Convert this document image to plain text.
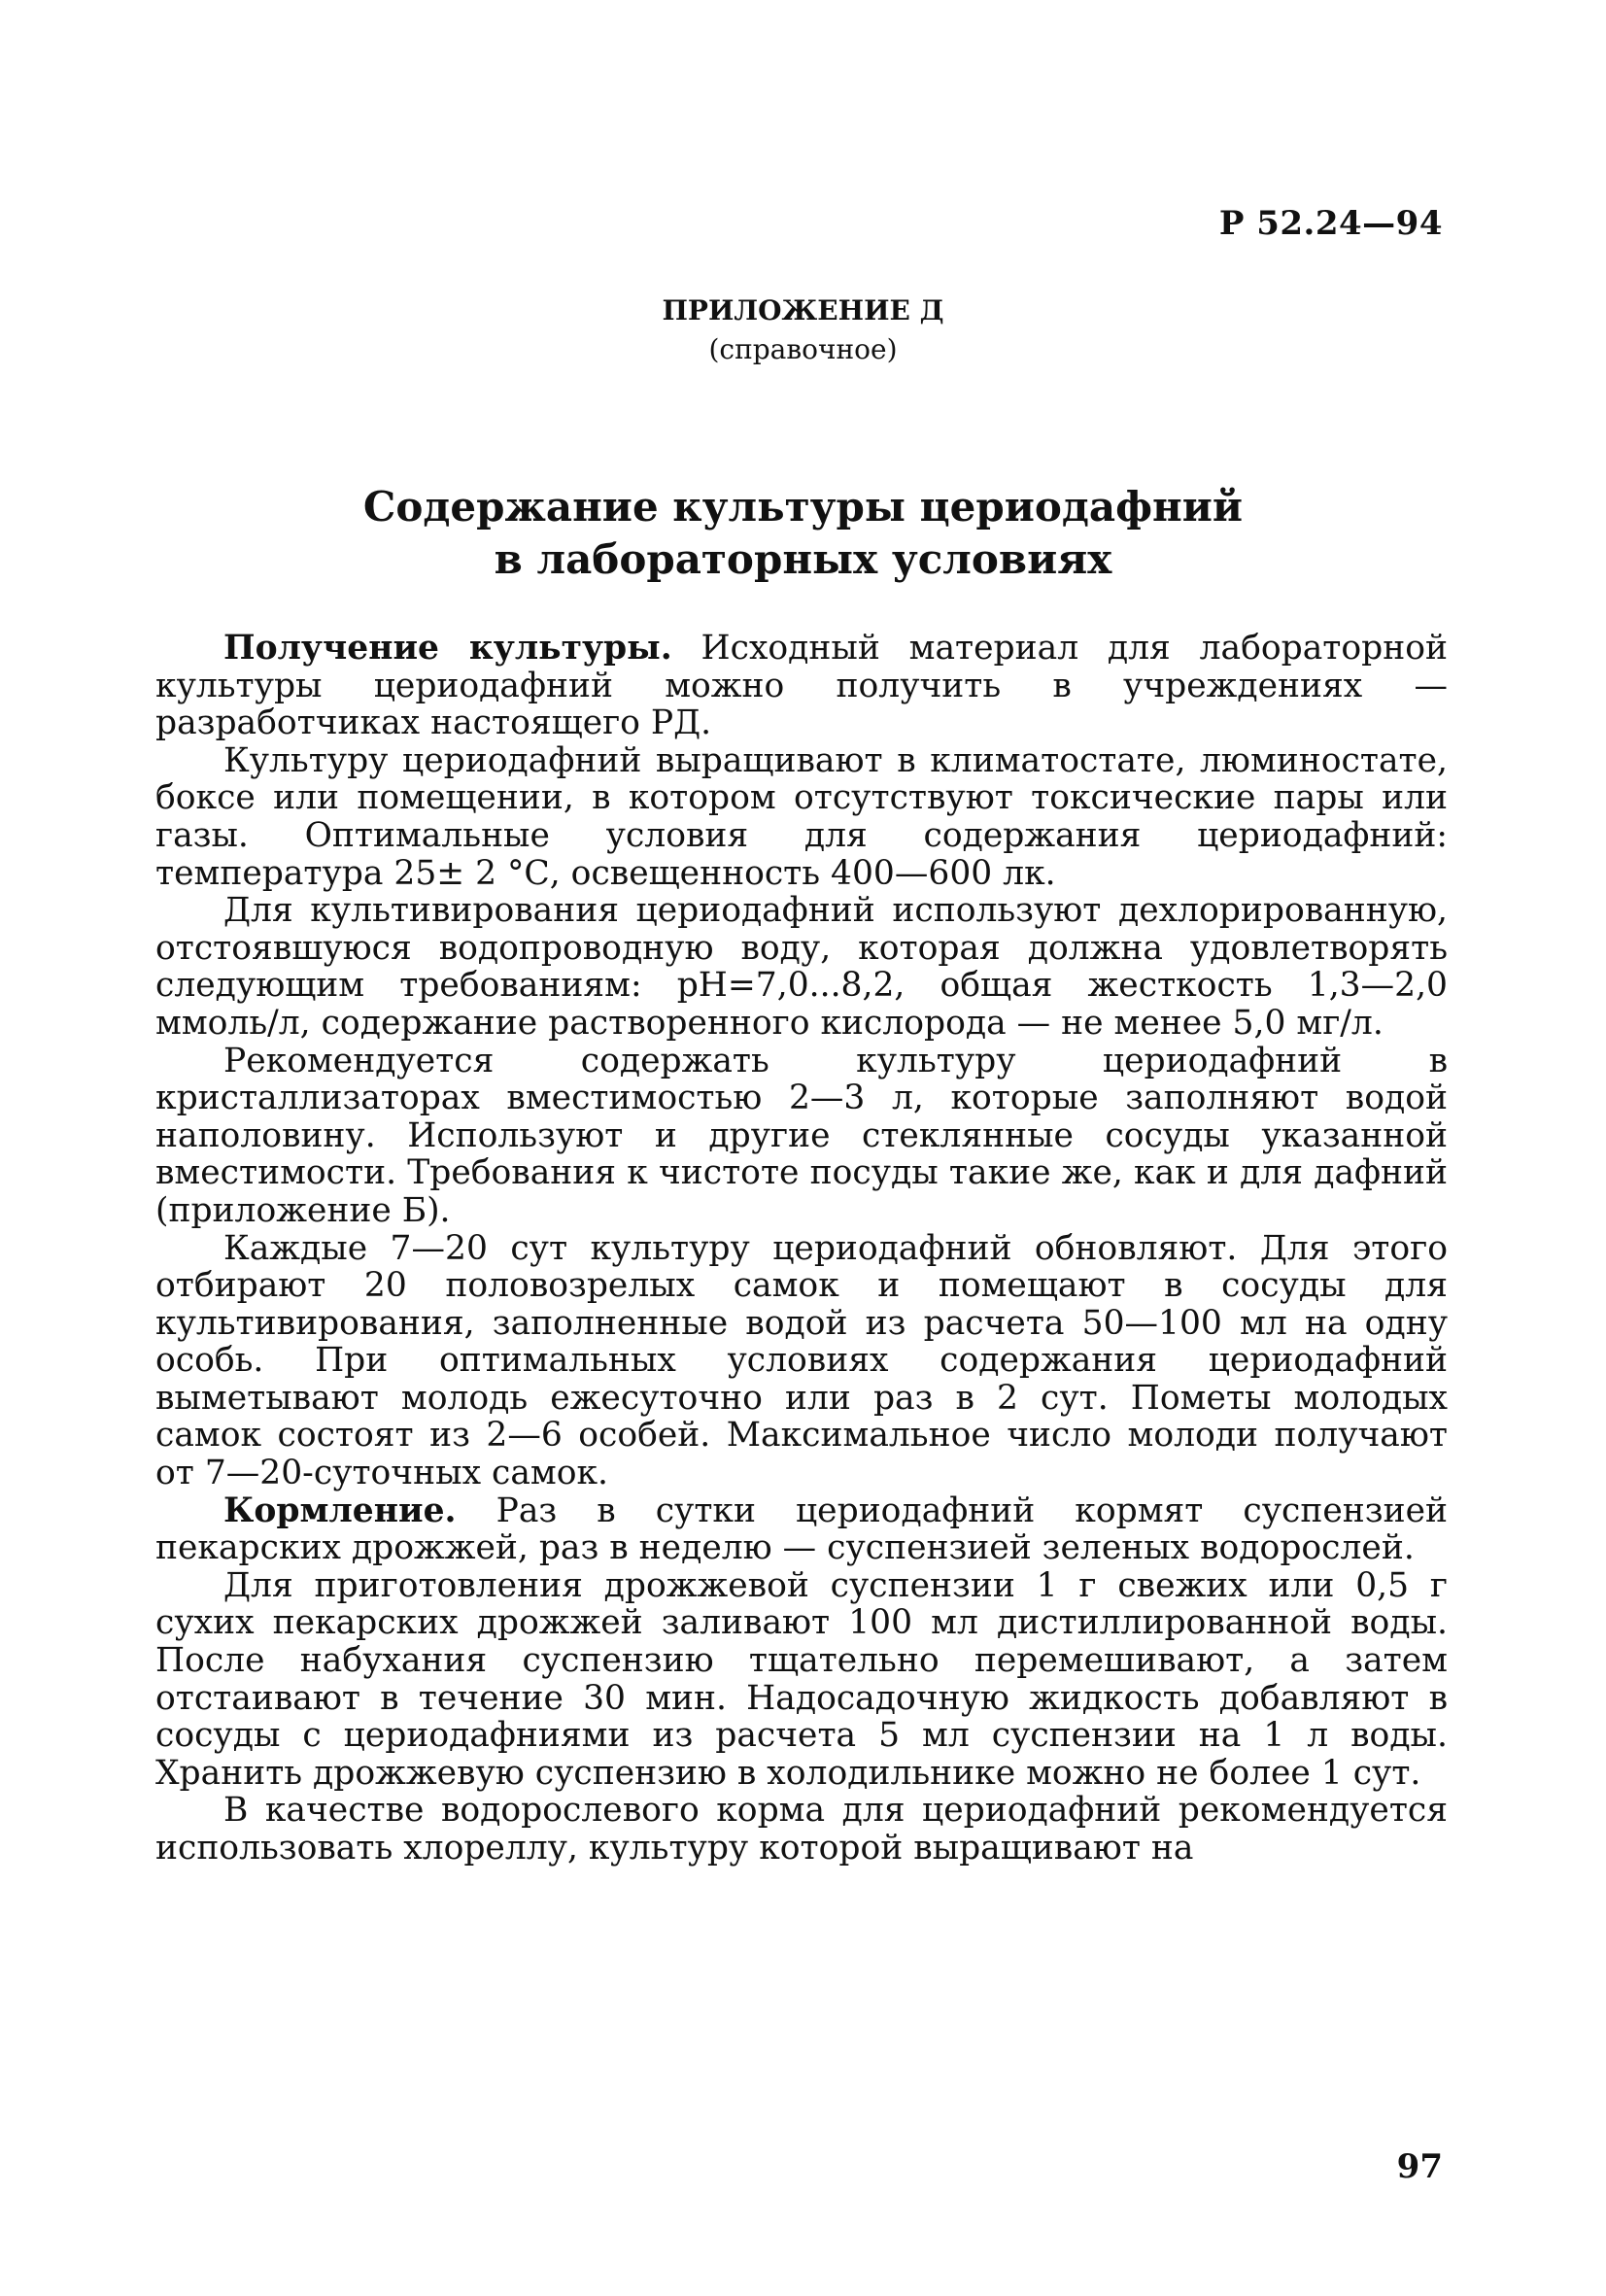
Р 52.24—94
ПРИЛОЖЕНИЕ Д
(справочное)
Содержание культуры цериодафний
в лабораторных условиях

Получение культуры. Исходный материал для лабораторной культуры цериодафний можно получить в учреждениях — разработчиках настоящего РД.

Культуру цериодафний выращивают в климатостате, люминостате, боксе или помещении, в котором отсутствуют токсические пары или газы. Оптимальные условия для содержания цериодафний: температура 25± 2 °С, освещенность 400—600 лк.

Для культивирования цериодафний используют дехлорированную, отстоявшуюся водопроводную воду, которая должна удовлетворять следующим требованиям: рН=7,0...8,2, общая жесткость 1,3—2,0 ммоль/л, содержание растворенного кислорода — не менее 5,0 мг/л.

Рекомендуется содержать культуру цериодафний в кристаллизаторах вместимостью 2—3 л, которые заполняют водой наполовину. Используют и другие стеклянные сосуды указанной вместимости. Требования к чистоте посуды такие же, как и для дафний (приложение Б).

Каждые 7—20 сут культуру цериодафний обновляют. Для этого отбирают 20 половозрелых самок и помещают в сосуды для культивирования, заполненные водой из расчета 50—100 мл на одну особь. При оптимальных условиях содержания цериодафний выметывают молодь ежесуточно или раз в 2 сут. Пометы молодых самок состоят из 2—6 особей. Максимальное число молоди получают от 7—20-суточных самок.

Кормление. Раз в сутки цериодафний кормят суспензией пекарских дрожжей, раз в неделю — суспензией зеленых водорослей.

Для приготовления дрожжевой суспензии 1 г свежих или 0,5 г сухих пекарских дрожжей заливают 100 мл дистиллированной воды. После набухания суспензию тщательно перемешивают, а затем отстаивают в течение 30 мин. Надосадочную жидкость добавляют в сосуды с цериодафниями из расчета 5 мл суспензии на 1 л воды. Хранить дрожжевую суспензию в холодильнике можно не более 1 сут.

В качестве водорослевого корма для цериодафний рекомендуется использовать хлореллу, культуру которой выращивают на

97
